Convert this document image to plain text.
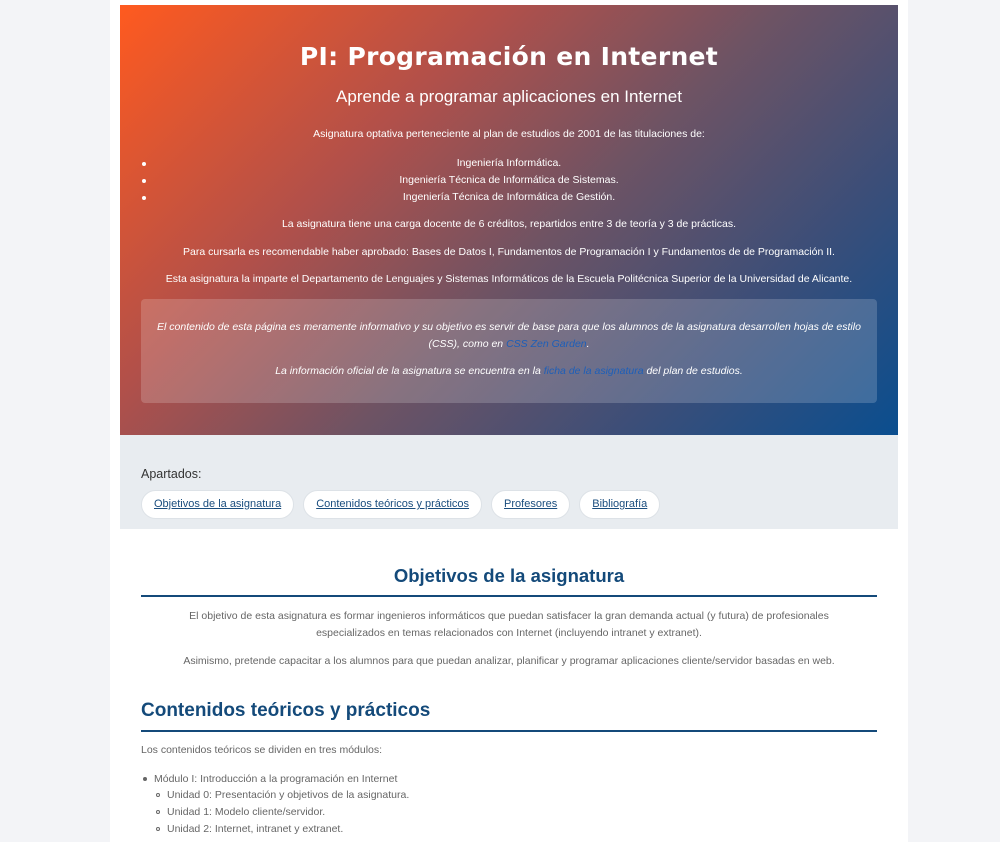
PI: Programación en Internet
Aprende a programar aplicaciones en Internet

Asignatura optativa perteneciente al plan de estudios de 2001 de las titulaciones de:

Ingeniería Informática.
Ingeniería Técnica de Informática de Sistemas.
Ingeniería Técnica de Informática de Gestión.

La asignatura tiene una carga docente de 6 créditos, repartidos entre 3 de teoría y 3 de prácticas.

Para cursarla es recomendable haber aprobado: Bases de Datos I, Fundamentos de Programación I y Fundamentos de de Programación II.

Esta asignatura la imparte el Departamento de Lenguajes y Sistemas Informáticos de la Escuela Politécnica Superior de la Universidad de Alicante.

El contenido de esta página es meramente informativo y su objetivo es servir de base para que los alumnos de la asignatura desarrollen hojas de estilo (CSS), como en CSS Zen Garden.

La información oficial de la asignatura se encuentra en la ficha de la asignatura del plan de estudios.

Apartados:
Objetivos de la asignatura	Contenidos teóricos y prácticos	Profesores	Bibliografía
Objetivos de la asignatura

El objetivo de esta asignatura es formar ingenieros informáticos que puedan satisfacer la gran demanda actual (y futura) de profesionales especializados en temas relacionados con Internet (incluyendo intranet y extranet).

Asimismo, pretende capacitar a los alumnos para que puedan analizar, planificar y programar aplicaciones cliente/servidor basadas en web.

Contenidos teóricos y prácticos

Los contenidos teóricos se dividen en tres módulos:

Módulo I: Introducción a la programación en Internet
Unidad 0: Presentación y objetivos de la asignatura.
Unidad 1: Modelo cliente/servidor.
Unidad 2: Internet, intranet y extranet.
